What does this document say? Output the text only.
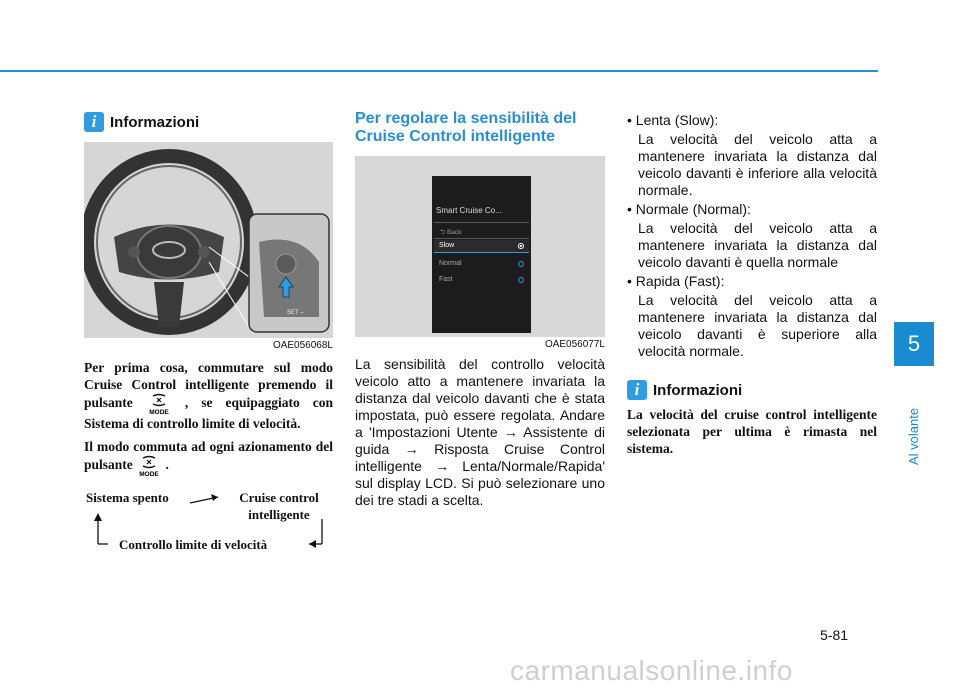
5
Al volante
i Informazioni
SET –
OAE056068L
Per prima cosa, commutare sul modo Cruise Control intelligente premendo il pulsante
MODE
, se equipaggiato con Sistema di controllo limite di velocità.
Il modo commuta ad ogni azionamento del pulsante
MODE
.
Sistema spento	Cruise control
intelligente
Controllo limite di velocità
Per regolare la sensibilità del
Cruise Control intelligente
Smart Cruise Co...
⮌ Back
Slow
Normal
Fast
OAE056077L
La sensibilità del controllo velocità veicolo atto a mantenere invariata la distanza dal veicolo davanti che è stata impostata, può essere regolata. Andare a 'Impostazioni Utente → Assistente di guida → Risposta Cruise Control intelligente → Lenta/Normale/Rapida' sul display LCD. Si può selezionare uno dei tre stadi a scelta.
• Lenta (Slow):
La velocità del veicolo atta a mantenere invariata la distanza dal veicolo davanti è inferiore alla velocità normale.
• Normale (Normal):
La velocità del veicolo atta a mantenere invariata la distanza dal veicolo davanti è quella normale
• Rapida (Fast):
La velocità del veicolo atta a mantenere invariata la distanza dal veicolo davanti è superiore alla velocità normale.
i Informazioni
La velocità del cruise control intelligente selezionata per ultima è rimasta nel sistema.
5-81
carmanualsonline.info
